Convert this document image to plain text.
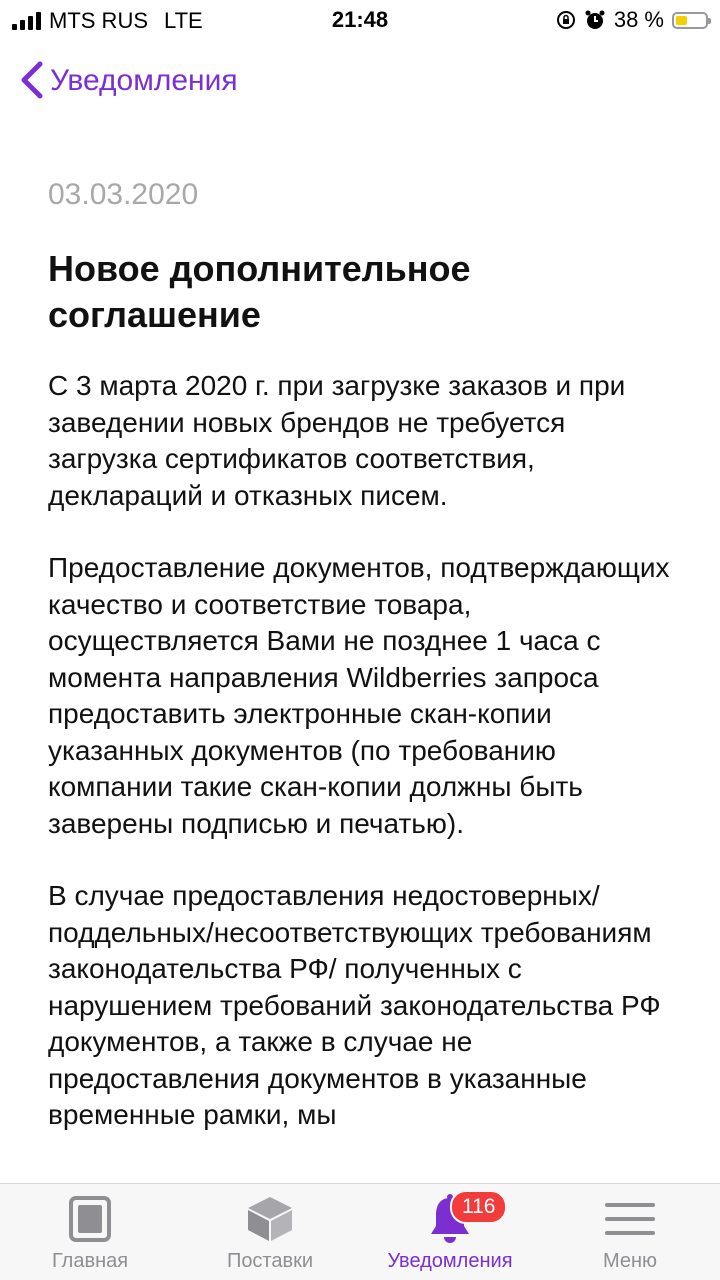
MTS RUS LTE	21:48	38 %
Уведомления
03.03.2020
Новое дополнительное соглашение

С 3 марта 2020 г. при загрузке заказов и при заведении новых брендов не требуется загрузка сертификатов соответствия, деклараций и отказных писем.

Предоставление документов, подтверждающих качество и соответствие товара, осуществляется Вами не позднее 1 часа с момента направления Wildberries запроса предоставить электронные скан-копии указанных документов (по требованию компании такие скан-копии должны быть заверены подписью и печатью).

В случае предоставления недостоверных/ поддельных/несоответствующих требованиям законодательства РФ/ полученных с нарушением требований законодательства РФ документов, а также в случае не предоставления документов в указанные временные рамки, мы

Главная	Поставки
116
Уведомления	Меню
